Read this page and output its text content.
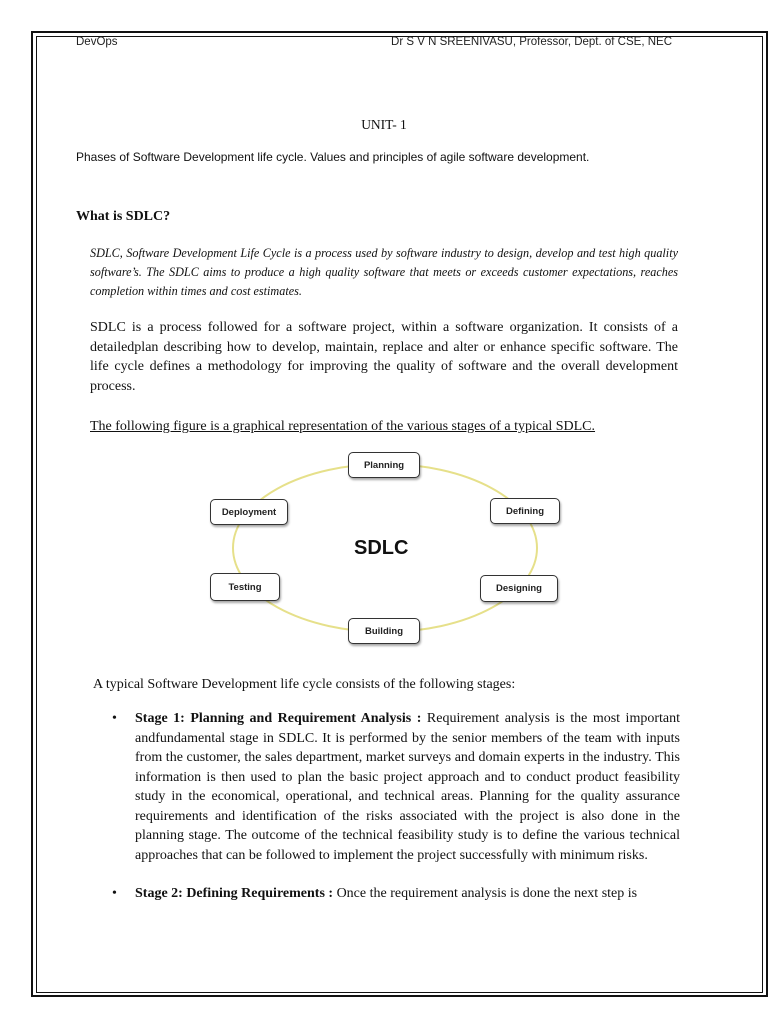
DevOps	Dr S V N SREENIVASU, Professor, Dept. of CSE, NEC
UNIT- 1
Phases of Software Development life cycle. Values and principles of agile software development.
What is SDLC?
SDLC, Software Development Life Cycle is a process used by software industry to design, develop and test high quality software’s. The SDLC aims to produce a high quality software that meets or exceeds customer expectations, reaches completion within times and cost estimates.
SDLC is a process followed for a software project, within a software organization. It consists of a detailedplan describing how to develop, maintain, replace and alter or enhance specific software. The life cycle defines a methodology for improving the quality of software and the overall development process.
The following figure is a graphical representation of the various stages of a typical SDLC.
Planning
Defining
Designing
Building
Testing
Deployment
SDLC
A typical Software Development life cycle consists of the following stages:
• Stage 1: Planning and Requirement Analysis : Requirement analysis is the most important andfundamental stage in SDLC. It is performed by the senior members of the team with inputs from the customer, the sales department, market surveys and domain experts in the industry. This information is then used to plan the basic project approach and to conduct product feasibility study in the economical, operational, and technical areas. Planning for the quality assurance requirements and identification of the risks associated with the project is also done in the planning stage. The outcome of the technical feasibility study is to define the various technical approaches that can be followed to implement the project successfully with minimum risks.
• Stage 2: Defining Requirements : Once the requirement analysis is done the next step is
